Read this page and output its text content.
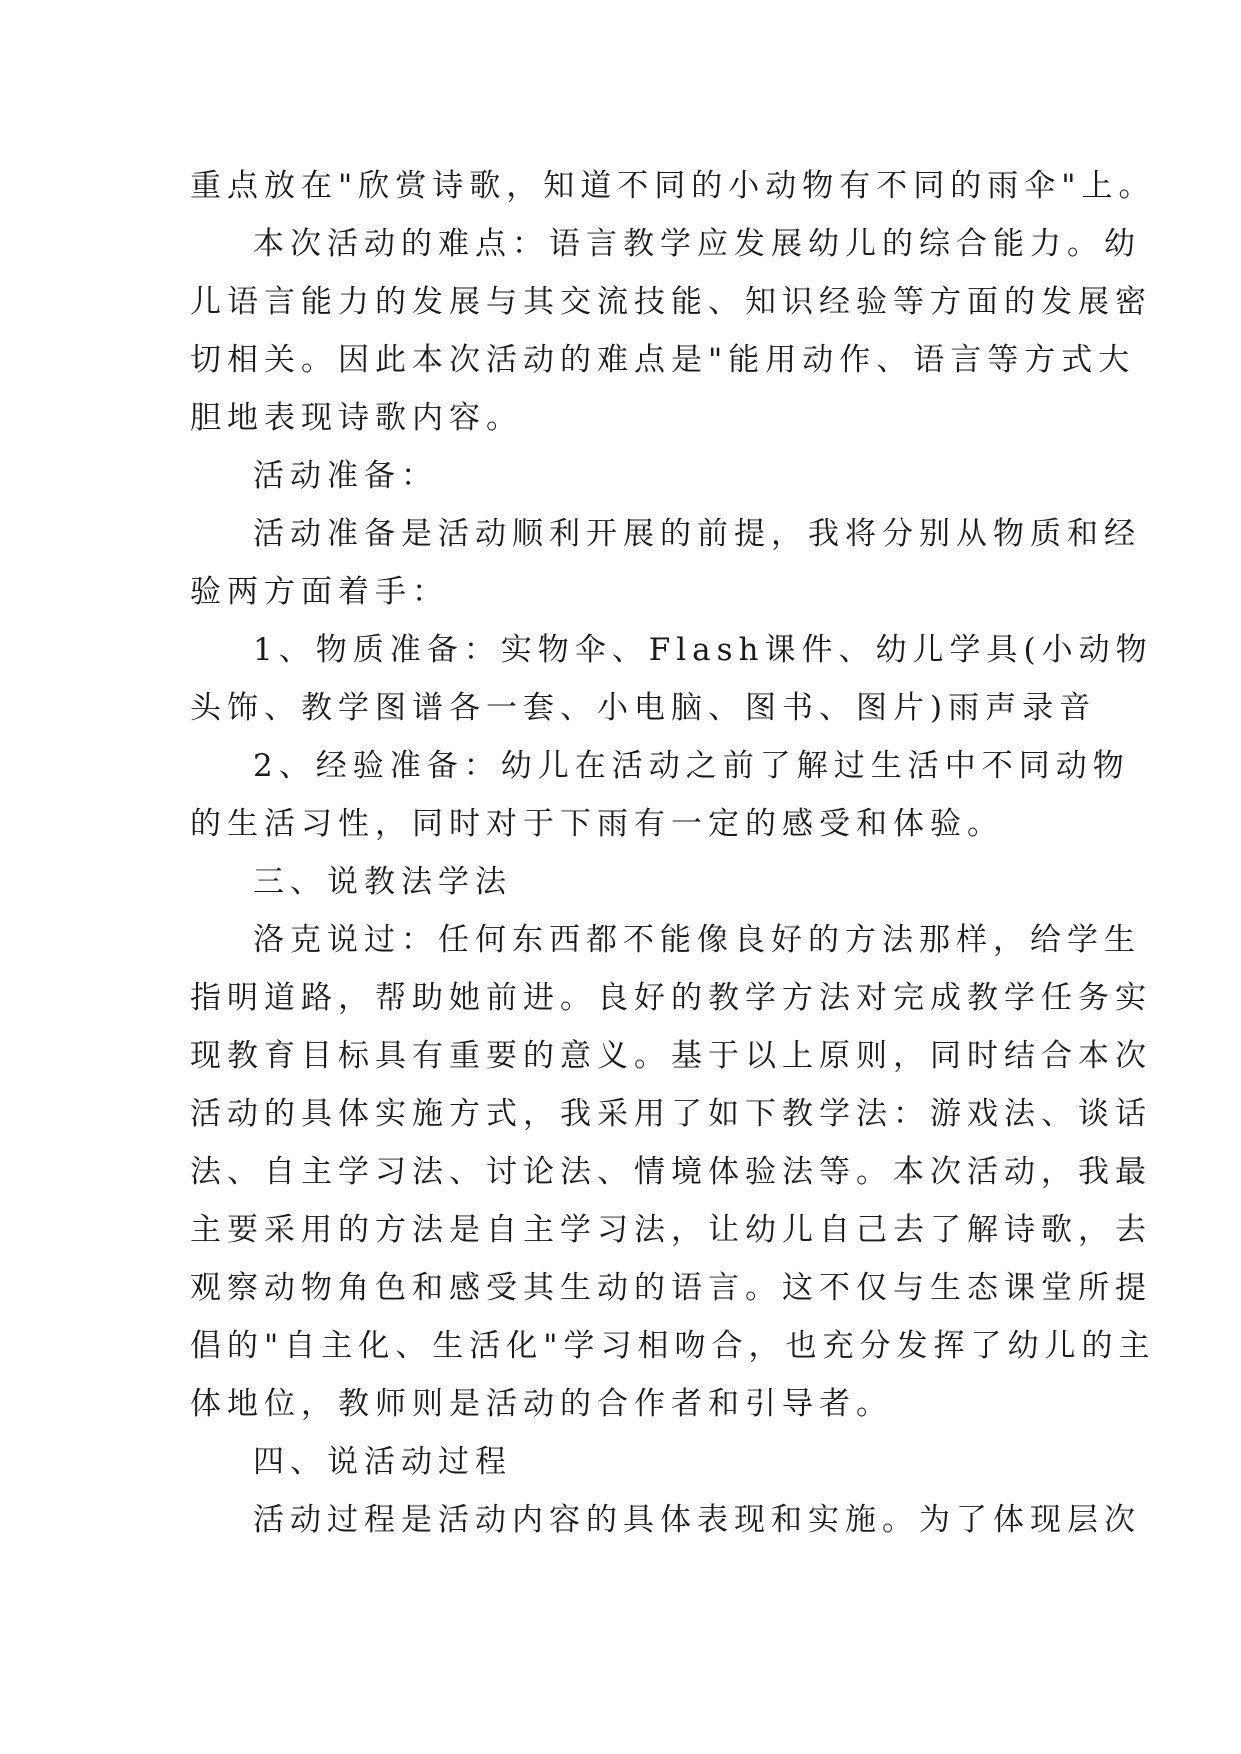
重点放在"欣赏诗歌，知道不同的小动物有不同的雨伞"上。
本次活动的难点：语言教学应发展幼儿的综合能力。幼
儿语言能力的发展与其交流技能、知识经验等方面的发展密
切相关。因此本次活动的难点是"能用动作、语言等方式大
胆地表现诗歌内容。
活动准备：
活动准备是活动顺利开展的前提，我将分别从物质和经
验两方面着手：
1、物质准备：实物伞、Flash课件、幼儿学具(小动物
头饰、教学图谱各一套、小电脑、图书、图片)雨声录音
2、经验准备：幼儿在活动之前了解过生活中不同动物
的生活习性，同时对于下雨有一定的感受和体验。
三、说教法学法
洛克说过：任何东西都不能像良好的方法那样，给学生
指明道路，帮助她前进。良好的教学方法对完成教学任务实
现教育目标具有重要的意义。基于以上原则，同时结合本次
活动的具体实施方式，我采用了如下教学法：游戏法、谈话
法、自主学习法、讨论法、情境体验法等。本次活动，我最
主要采用的方法是自主学习法，让幼儿自己去了解诗歌，去
观察动物角色和感受其生动的语言。这不仅与生态课堂所提
倡的"自主化、生活化"学习相吻合，也充分发挥了幼儿的主
体地位，教师则是活动的合作者和引导者。
四、说活动过程
活动过程是活动内容的具体表现和实施。为了体现层次
